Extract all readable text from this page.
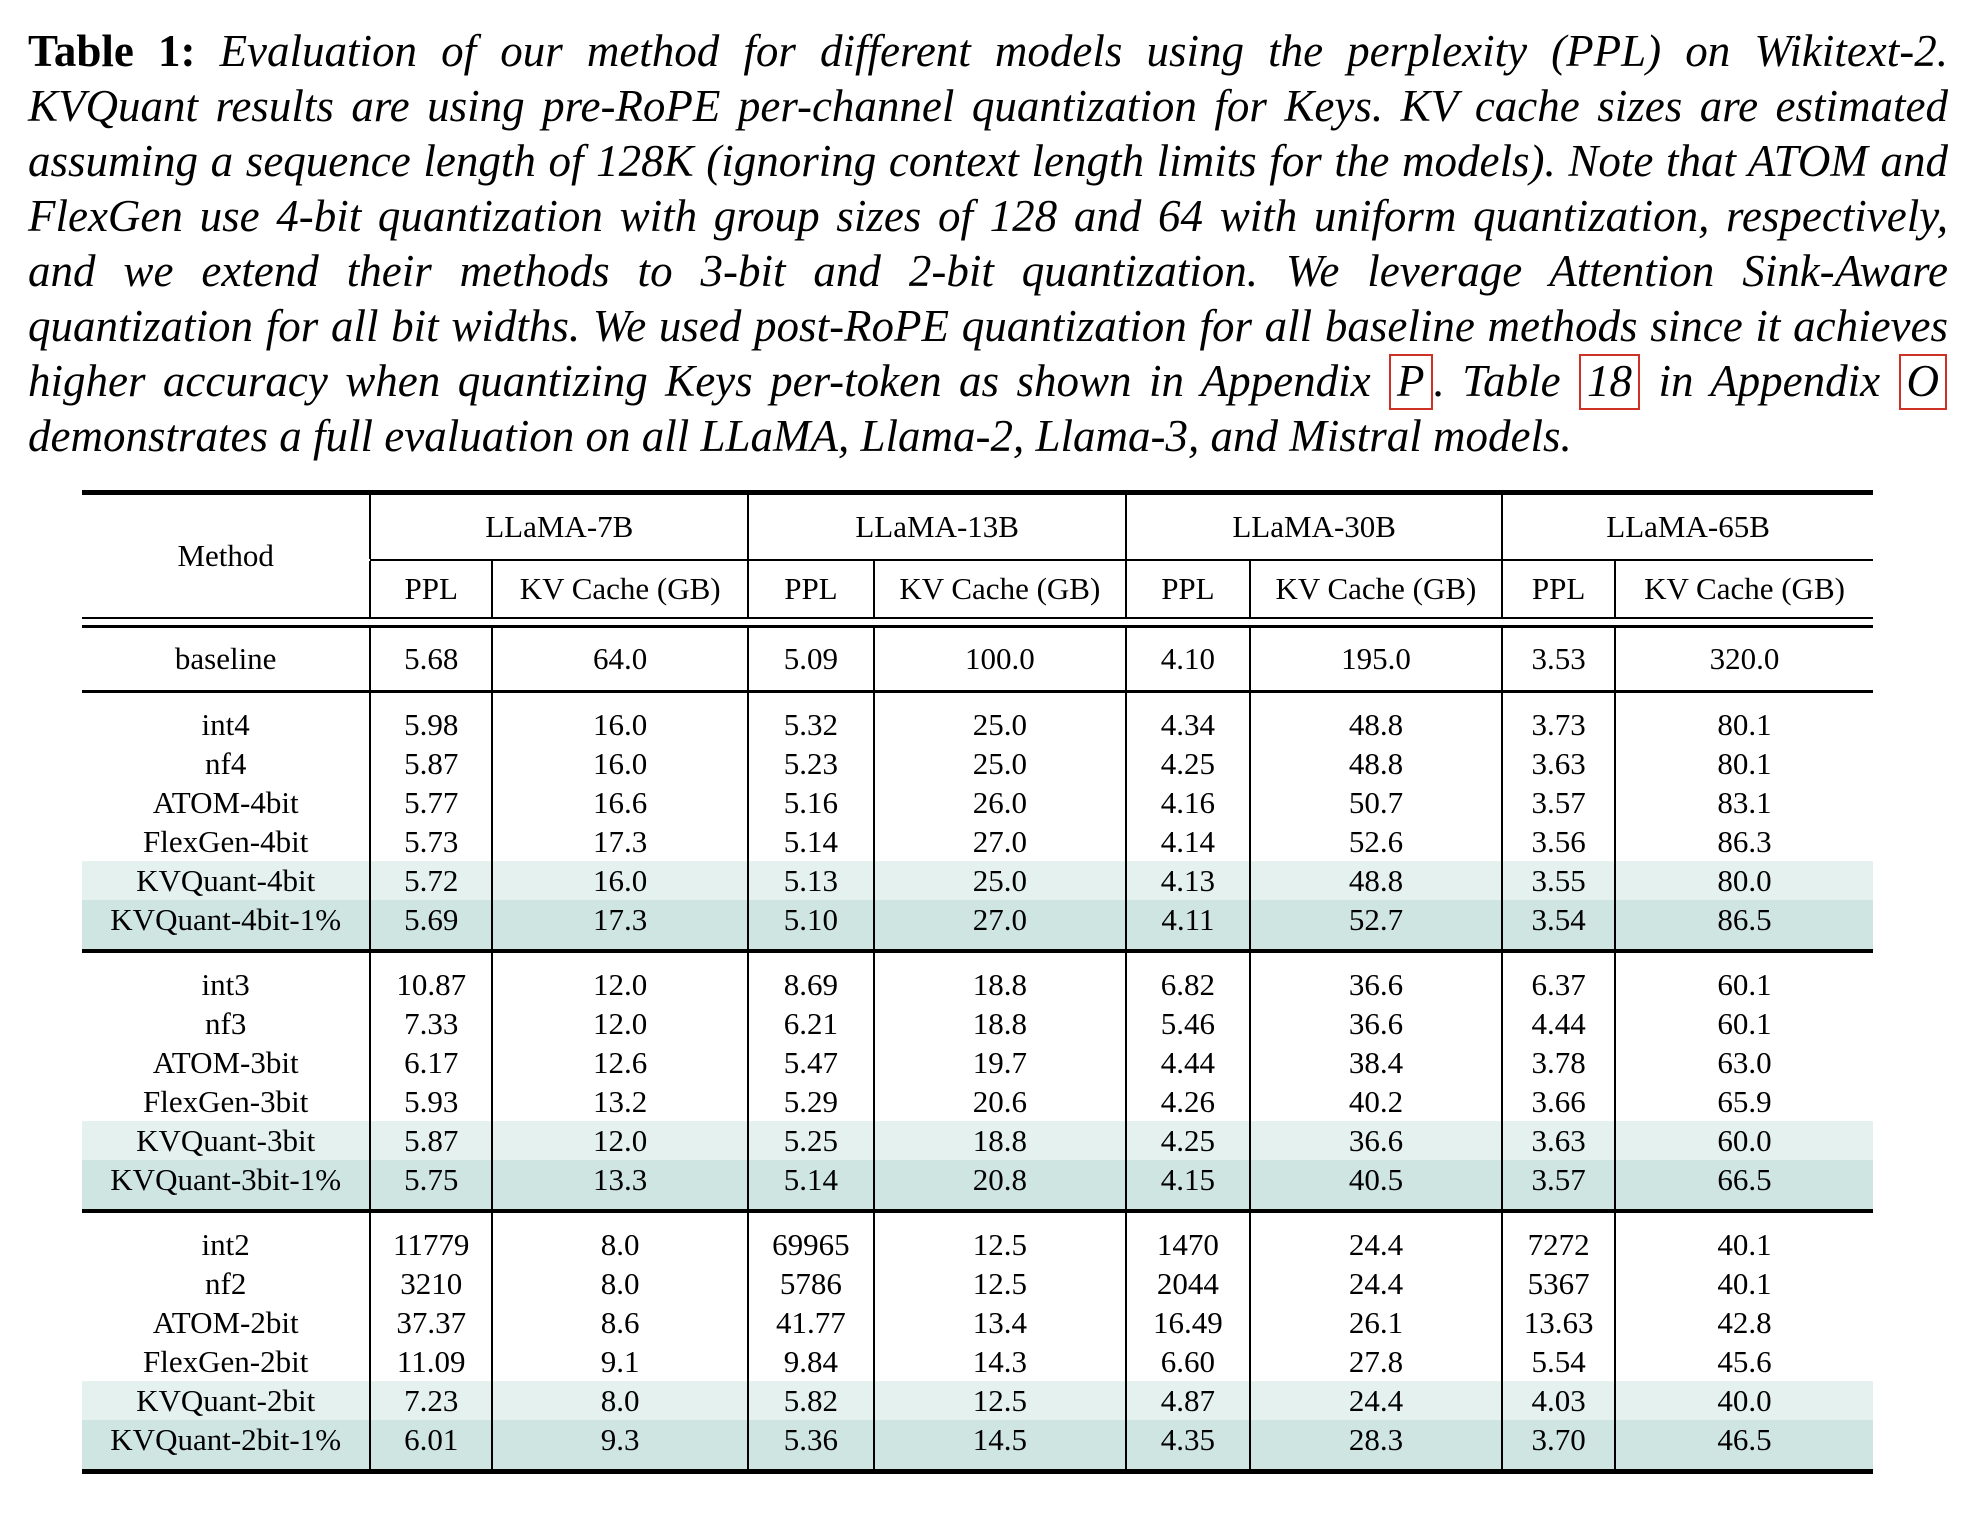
Table 1: Evaluation of our method for different models using the perplexity (PPL) on Wikitext-2. KVQuant results are using pre-RoPE per-channel quantization for Keys. KV cache sizes are estimated assuming a sequence length of 128K (ignoring context length limits for the models). Note that ATOM and FlexGen use 4-bit quantization with group sizes of 128 and 64 with uniform quantization, respectively, and we extend their methods to 3-bit and 2-bit quantization. We leverage Attention Sink-Aware quantization for all bit widths. We used post-RoPE quantization for all baseline methods since it achieves higher accuracy when quantizing Keys per-token as shown in Appendix P . Table 18 in Appendix O demonstrates a full evaluation on all LLaMA, Llama-2, Llama-3, and Mistral models.

Method	LLaMA-7B		LLaMA-13B		LLaMA-30B		LLaMA-65B	

	PPL	KV Cache (GB)	PPL	KV Cache (GB)	PPL	KV Cache (GB)	PPL	KV Cache (GB)

baseline	5.68	64.0	5.09	100.0	4.10	195.0	3.53	320.0

int4	5.98	16.0	5.32	25.0	4.34	48.8	3.73	80.1
nf4	5.87	16.0	5.23	25.0	4.25	48.8	3.63	80.1
ATOM-4bit	5.77	16.6	5.16	26.0	4.16	50.7	3.57	83.1
FlexGen-4bit	5.73	17.3	5.14	27.0	4.14	52.6	3.56	86.3
KVQuant-4bit	5.72	16.0	5.13	25.0	4.13	48.8	3.55	80.0
KVQuant-4bit-1%	5.69	17.3	5.10	27.0	4.11	52.7	3.54	86.5

int3	10.87	12.0	8.69	18.8	6.82	36.6	6.37	60.1
nf3	7.33	12.0	6.21	18.8	5.46	36.6	4.44	60.1
ATOM-3bit	6.17	12.6	5.47	19.7	4.44	38.4	3.78	63.0
FlexGen-3bit	5.93	13.2	5.29	20.6	4.26	40.2	3.66	65.9
KVQuant-3bit	5.87	12.0	5.25	18.8	4.25	36.6	3.63	60.0
KVQuant-3bit-1%	5.75	13.3	5.14	20.8	4.15	40.5	3.57	66.5

int2	11779	8.0	69965	12.5	1470	24.4	7272	40.1
nf2	3210	8.0	5786	12.5	2044	24.4	5367	40.1
ATOM-2bit	37.37	8.6	41.77	13.4	16.49	26.1	13.63	42.8
FlexGen-2bit	11.09	9.1	9.84	14.3	6.60	27.8	5.54	45.6
KVQuant-2bit	7.23	8.0	5.82	12.5	4.87	24.4	4.03	40.0
KVQuant-2bit-1%	6.01	9.3	5.36	14.5	4.35	28.3	3.70	46.5
